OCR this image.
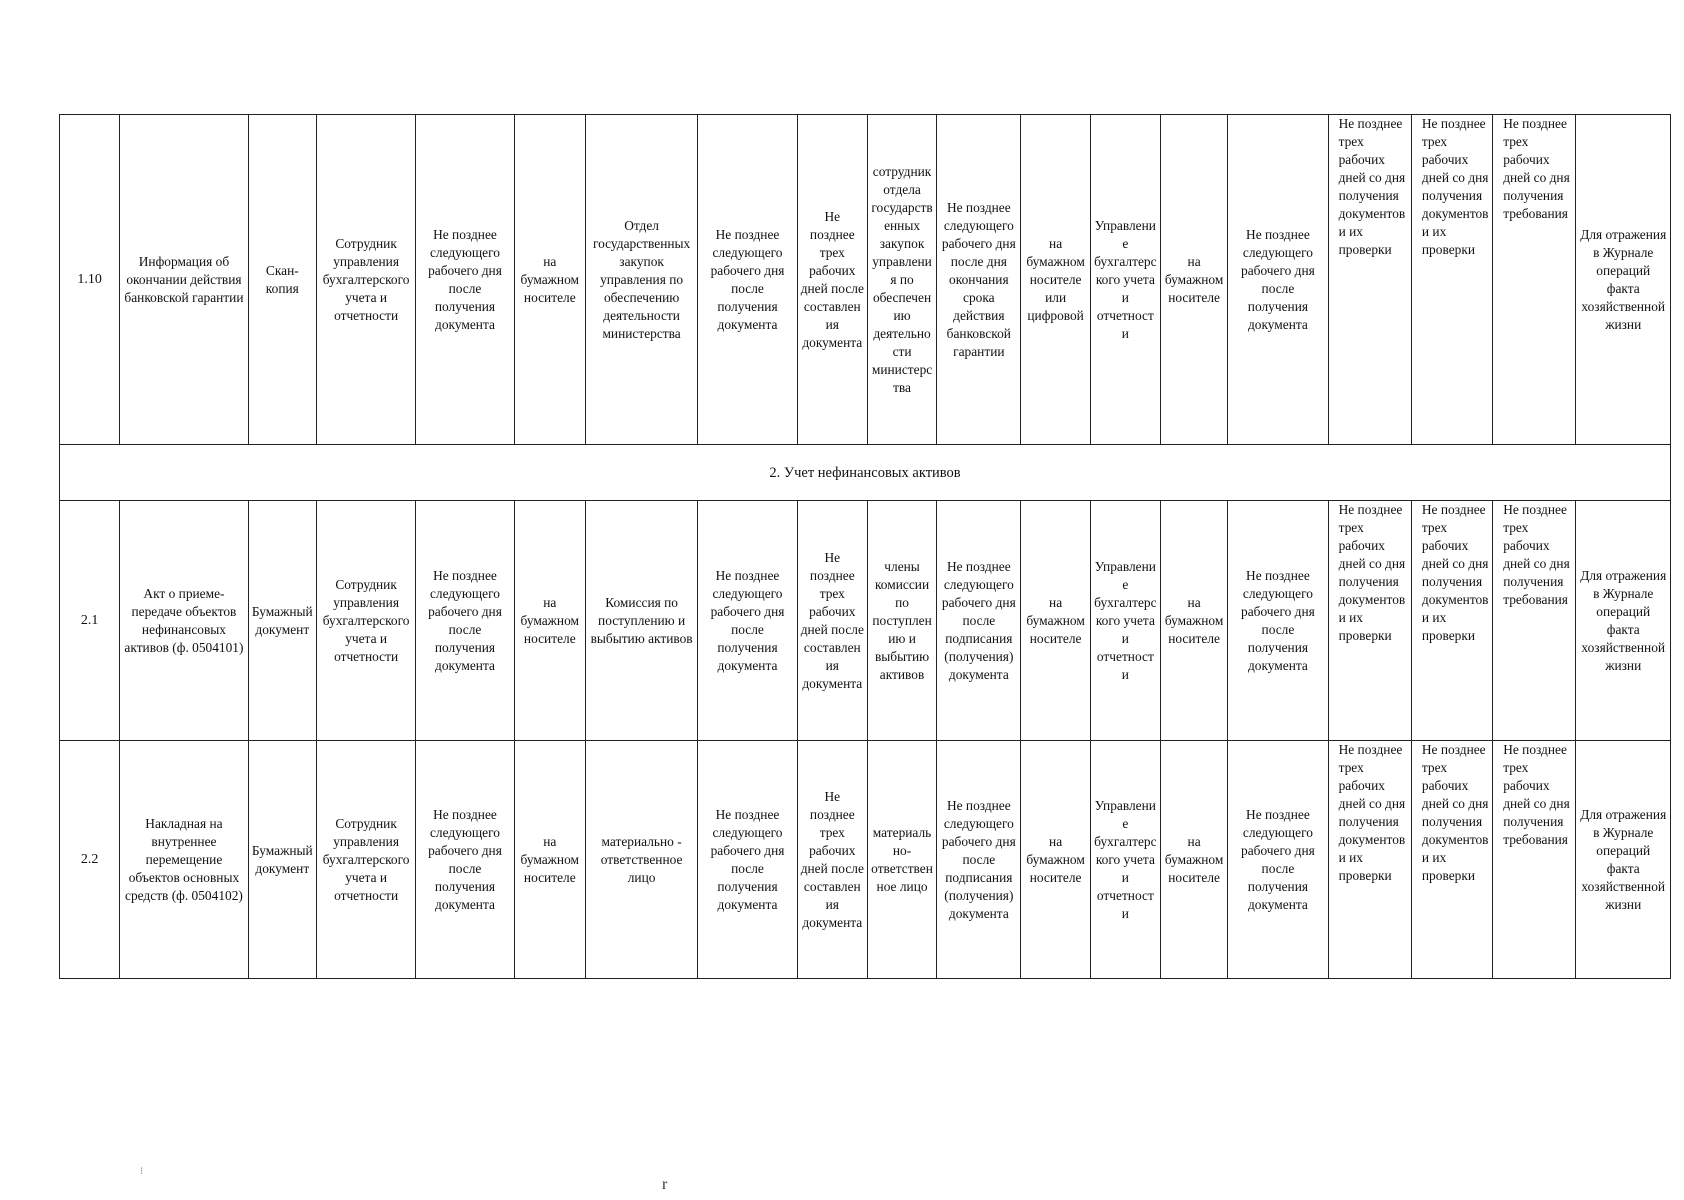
1.10	Информация об окончании действия банковской гарантии	Скан-копия	Сотрудник управления бухгалтерского учета и отчетности	Не позднее следующего рабочего дня после получения документа	на бумажном носителе	Отдел государственных закупок управления по обеспечению деятельности министерства	Не позднее следующего рабочего дня после получения документа	Не позднее трех рабочих дней после составления документа	сотрудник отдела государственных закупок управления по обеспечению деятельности министерства	Не позднее следующего рабочего дня после дня окончания срока действия банковской гарантии	на бумажном носителе или цифровой	Управление бухгалтерского учета и отчетности	на бумажном носителе	Не позднее следующего рабочего дня после получения документа	Не позднее трех рабочих дней со дня получения документов и их проверки	Не позднее трех рабочих дней со дня получения документов и их проверки	Не позднее трех рабочих дней со дня получения требования	Для отражения в Журнале операций факта хозяйственной жизни
2. Учет нефинансовых активов																		
2.1	Акт о приеме-передаче объектов нефинансовых активов (ф. 0504101)	Бумажный документ	Сотрудник управления бухгалтерского учета и отчетности	Не позднее следующего рабочего дня после получения документа	на бумажном носителе	Комиссия по поступлению и выбытию активов	Не позднее следующего рабочего дня после получения документа	Не позднее трех рабочих дней после составления документа	члены комиссии по поступлению и выбытию активов	Не позднее следующего рабочего дня после подписания (получения) документа	на бумажном носителе	Управление бухгалтерского учета и отчетности	на бумажном носителе	Не позднее следующего рабочего дня после получения документа	Не позднее трех рабочих дней со дня получения документов и их проверки	Не позднее трех рабочих дней со дня получения документов и их проверки	Не позднее трех рабочих дней со дня получения требования	Для отражения в Журнале операций факта хозяйственной жизни
2.2	Накладная на внутреннее перемещение объектов основных средств (ф. 0504102)	Бумажный документ	Сотрудник управления бухгалтерского учета и отчетности	Не позднее следующего рабочего дня после получения документа	на бумажном носителе	материально - ответственное лицо	Не позднее следующего рабочего дня после получения документа	Не позднее трех рабочих дней после составления документа	материально-ответственное лицо	Не позднее следующего рабочего дня после подписания (получения) документа	на бумажном носителе	Управление бухгалтерского учета и отчетности	на бумажном носителе	Не позднее следующего рабочего дня после получения документа	Не позднее трех рабочих дней со дня получения документов и их проверки	Не позднее трех рабочих дней со дня получения документов и их проверки	Не позднее трех рабочих дней со дня получения требования	Для отражения в Журнале операций факта хозяйственной жизни
⁝
r
